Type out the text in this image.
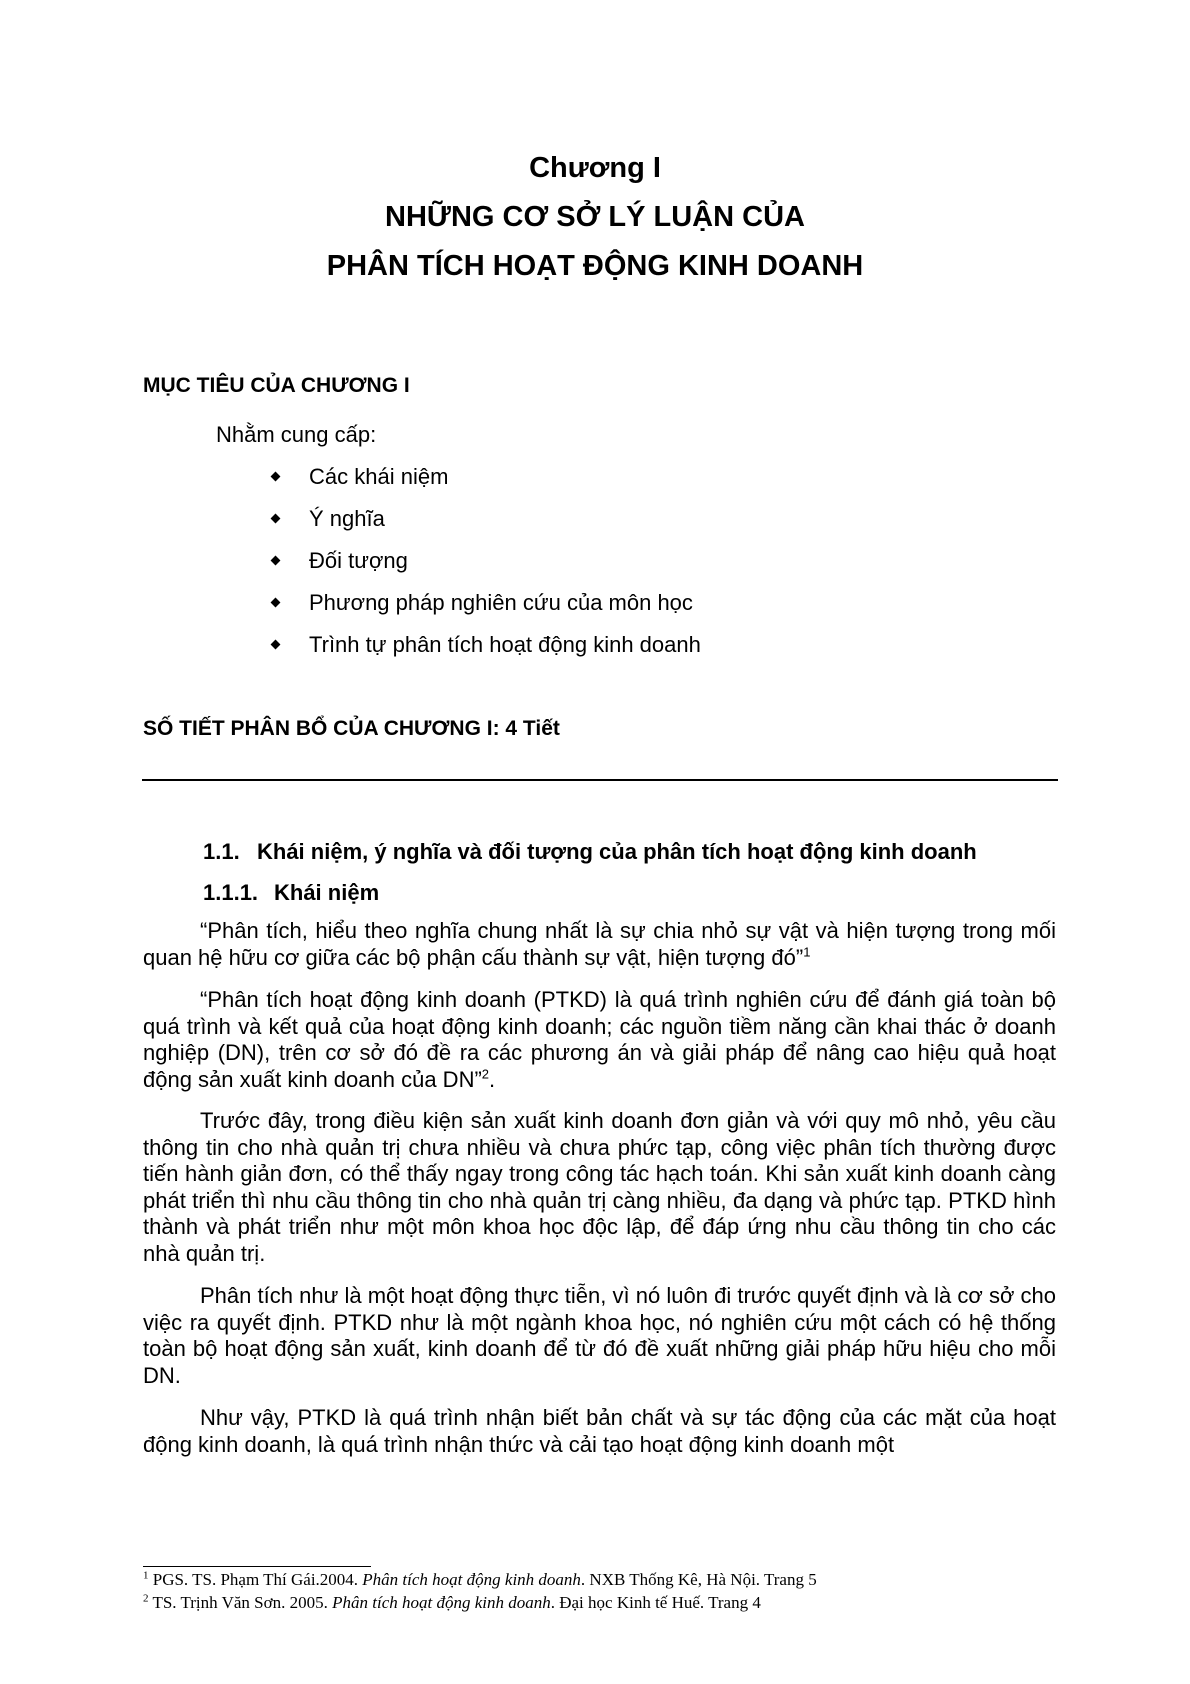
Chương I
NHỮNG CƠ SỞ LÝ LUẬN CỦA
PHÂN TÍCH HOẠT ĐỘNG KINH DOANH
MỤC TIÊU CỦA CHƯƠNG I
Nhằm cung cấp:
Các khái niệm
Ý nghĩa
Đối tượng
Phương pháp nghiên cứu của môn học
Trình tự phân tích hoạt động kinh doanh
SỐ TIẾT PHÂN BỔ CỦA CHƯƠNG I: 4 Tiết
1.1. Khái niệm, ý nghĩa và đối tượng của phân tích hoạt động kinh doanh
1.1.1. Khái niệm

“Phân tích, hiểu theo nghĩa chung nhất là sự chia nhỏ sự vật và hiện tượng trong mối quan hệ hữu cơ giữa các bộ phận cấu thành sự vật, hiện tượng đó”$^1$

“Phân tích hoạt động kinh doanh (PTKD) là quá trình nghiên cứu để đánh giá toàn bộ quá trình và kết quả của hoạt động kinh doanh; các nguồn tiềm năng cần khai thác ở doanh nghiệp (DN), trên cơ sở đó đề ra các phương án và giải pháp để nâng cao hiệu quả hoạt động sản xuất kinh doanh của DN”$^2$.

Trước đây, trong điều kiện sản xuất kinh doanh đơn giản và với quy mô nhỏ, yêu cầu thông tin cho nhà quản trị chưa nhiều và chưa phức tạp, công việc phân tích thường được tiến hành giản đơn, có thể thấy ngay trong công tác hạch toán. Khi sản xuất kinh doanh càng phát triển thì nhu cầu thông tin cho nhà quản trị càng nhiều, đa dạng và phức tạp. PTKD hình thành và phát triển như một môn khoa học độc lập, để đáp ứng nhu cầu thông tin cho các nhà quản trị.

Phân tích như là một hoạt động thực tiễn, vì nó luôn đi trước quyết định và là cơ sở cho việc ra quyết định. PTKD như là một ngành khoa học, nó nghiên cứu một cách có hệ thống toàn bộ hoạt động sản xuất, kinh doanh để từ đó đề xuất những giải pháp hữu hiệu cho mỗi DN.

Như vậy, PTKD là quá trình nhận biết bản chất và sự tác động của các mặt của hoạt động kinh doanh, là quá trình nhận thức và cải tạo hoạt động kinh doanh một

$^1$ PGS. TS. Phạm Thí Gái.2004. Phân tích hoạt động kinh doanh. NXB Thống Kê, Hà Nội. Trang 5
$^2$ TS. Trịnh Văn Sơn. 2005. Phân tích hoạt động kinh doanh. Đại học Kinh tế Huế. Trang 4
